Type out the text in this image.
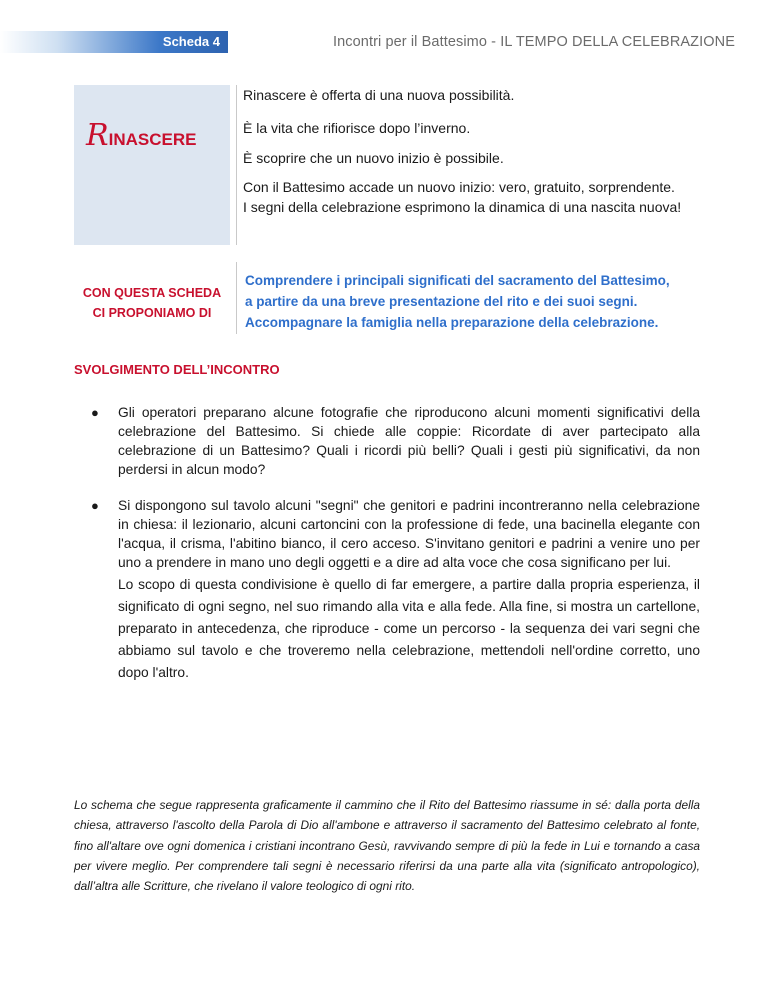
Scheda 4	Incontri per il Battesimo - IL TEMPO DELLA CELEBRAZIONE
RINASCERE

Rinascere è offerta di una nuova possibilità.

È la vita che rifiorisce dopo l’inverno.

È scoprire che un nuovo inizio è possibile.

Con il Battesimo accade un nuovo inizio: vero, gratuito, sorprendente.

I segni della celebrazione esprimono la dinamica di una nascita nuova!

CON QUESTA SCHEDA
CI PROPONIAMO DI

Comprendere i principali significati del sacramento del Battesimo,

a partire da una breve presentazione del rito e dei suoi segni.

Accompagnare la famiglia nella preparazione della celebrazione.

SVOLGIMENTO DELL’INCONTRO
● Gli operatori preparano alcune fotografie che riproducono alcuni momenti significativi della celebrazione del Battesimo. Si chiede alle coppie: Ricordate di aver partecipato alla celebrazione di un Battesimo? Quali i ricordi più belli? Quali i gesti più significativi, da non perdersi in alcun modo?
● Si dispongono sul tavolo alcuni "segni" che genitori e padrini incontreranno nella celebrazione in chiesa: il lezionario, alcuni cartoncini con la professione di fede, una bacinella elegante con l'acqua, il crisma, l'abitino bianco, il cero acceso. S'invitano genitori e padrini a venire uno per uno a prendere in mano uno degli oggetti e a dire ad alta voce che cosa significano per lui.

Lo scopo di questa condivisione è quello di far emergere, a partire dalla propria esperienza, il significato di ogni segno, nel suo rimando alla vita e alla fede. Alla fine, si mostra un cartellone, preparato in antecedenza, che riproduce - come un percorso - la sequenza dei vari segni che abbiamo sul tavolo e che troveremo nella celebrazione, mettendoli nell'ordine corretto, uno dopo l'altro.

Lo schema che segue rappresenta graficamente il cammino che il Rito del Battesimo riassume in sé: dalla porta della chiesa, attraverso l'ascolto della Parola di Dio all'ambone e attraverso il sacramento del Battesimo celebrato al fonte, fino all'altare ove ogni domenica i cristiani incontrano Gesù, ravvivando sempre di più la fede in Lui e tornando a casa per vivere meglio. Per comprendere tali segni è necessario riferirsi da una parte alla vita (significato antropologico), dall’altra alle Scritture, che rivelano il valore teologico di ogni rito.
